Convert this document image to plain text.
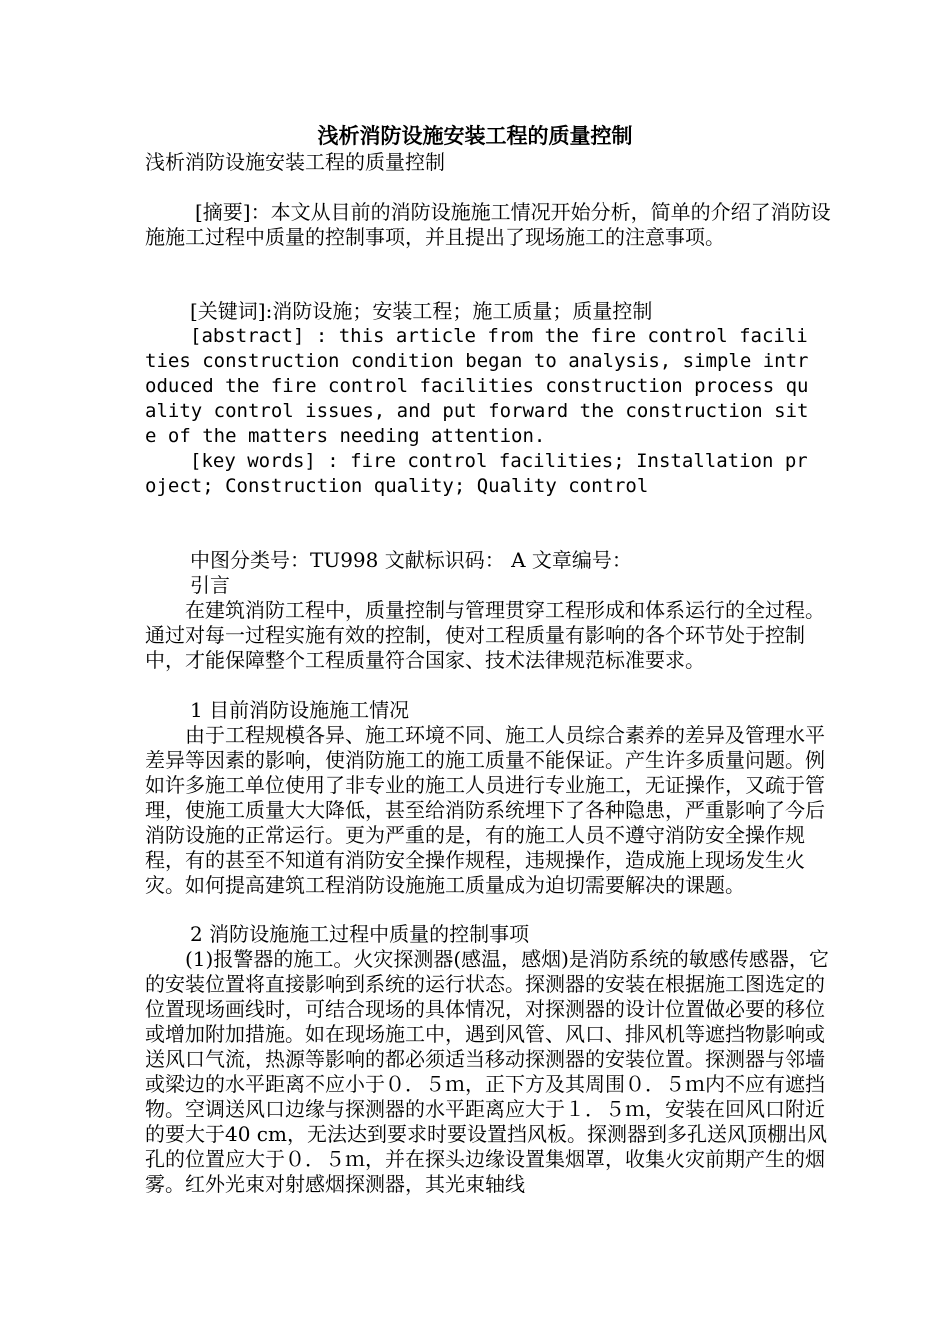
浅析消防设施安装工程的质量控制

浅析消防设施安装工程的质量控制

[摘要]：本文从目前的消防设施施工情况开始分析，简单的介绍了消防设施施工过程中质量的控制事项，并且提出了现场施工的注意事项。

[关键词]:消防设施；安装工程；施工质量；质量控制

[abstract] : this article from the fire control facilities construction condition began to analysis, simple introduced the fire control facilities construction process quality control issues, and put forward the construction site of the matters needing attention.

[key words] : fire control facilities; Installation project; Construction quality; Quality control

中图分类号：TU998 文献标识码： A 文章编号：

引言

在建筑消防工程中，质量控制与管理贯穿工程形成和体系运行的全过程。通过对每一过程实施有效的控制，使对工程质量有影响的各个环节处于控制中，才能保障整个工程质量符合国家、技术法律规范标准要求。

1 目前消防设施施工情况

由于工程规模各异、施工环境不同、施工人员综合素养的差异及管理水平差异等因素的影响，使消防施工的施工质量不能保证。产生许多质量问题。例如许多施工单位使用了非专业的施工人员进行专业施工，无证操作，又疏于管理，使施工质量大大降低，甚至给消防系统埋下了各种隐患，严重影响了今后消防设施的正常运行。更为严重的是，有的施工人员不遵守消防安全操作规程，有的甚至不知道有消防安全操作规程，违规操作，造成施上现场发生火灾。如何提高建筑工程消防设施施工质量成为迫切需要解决的课题。

2 消防设施施工过程中质量的控制事项

(1)报警器的施工。火灾探测器(感温，感烟)是消防系统的敏感传感器，它的安装位置将直接影响到系统的运行状态。探测器的安装在根据施工图选定的位置现场画线时，可结合现场的具体情况，对探测器的设计位置做必要的移位或增加附加措施。如在现场施工中，遇到风管、风口、排风机等遮挡物影响或送风口气流，热源等影响的都必须适当移动探测器的安装位置。探测器与邻墙或梁边的水平距离不应小于０．５ｍ，正下方及其周围０．５ｍ内不应有遮挡物。空调送风口边缘与探测器的水平距离应大于１．５ｍ，安装在回风口附近的要大于40 cm，无法达到要求时要设置挡风板。探测器到多孔送风顶棚出风孔的位置应大于０．５ｍ，并在探头边缘设置集烟罩，收集火灾前期产生的烟雾。红外光束对射感烟探测器，其光束轴线
